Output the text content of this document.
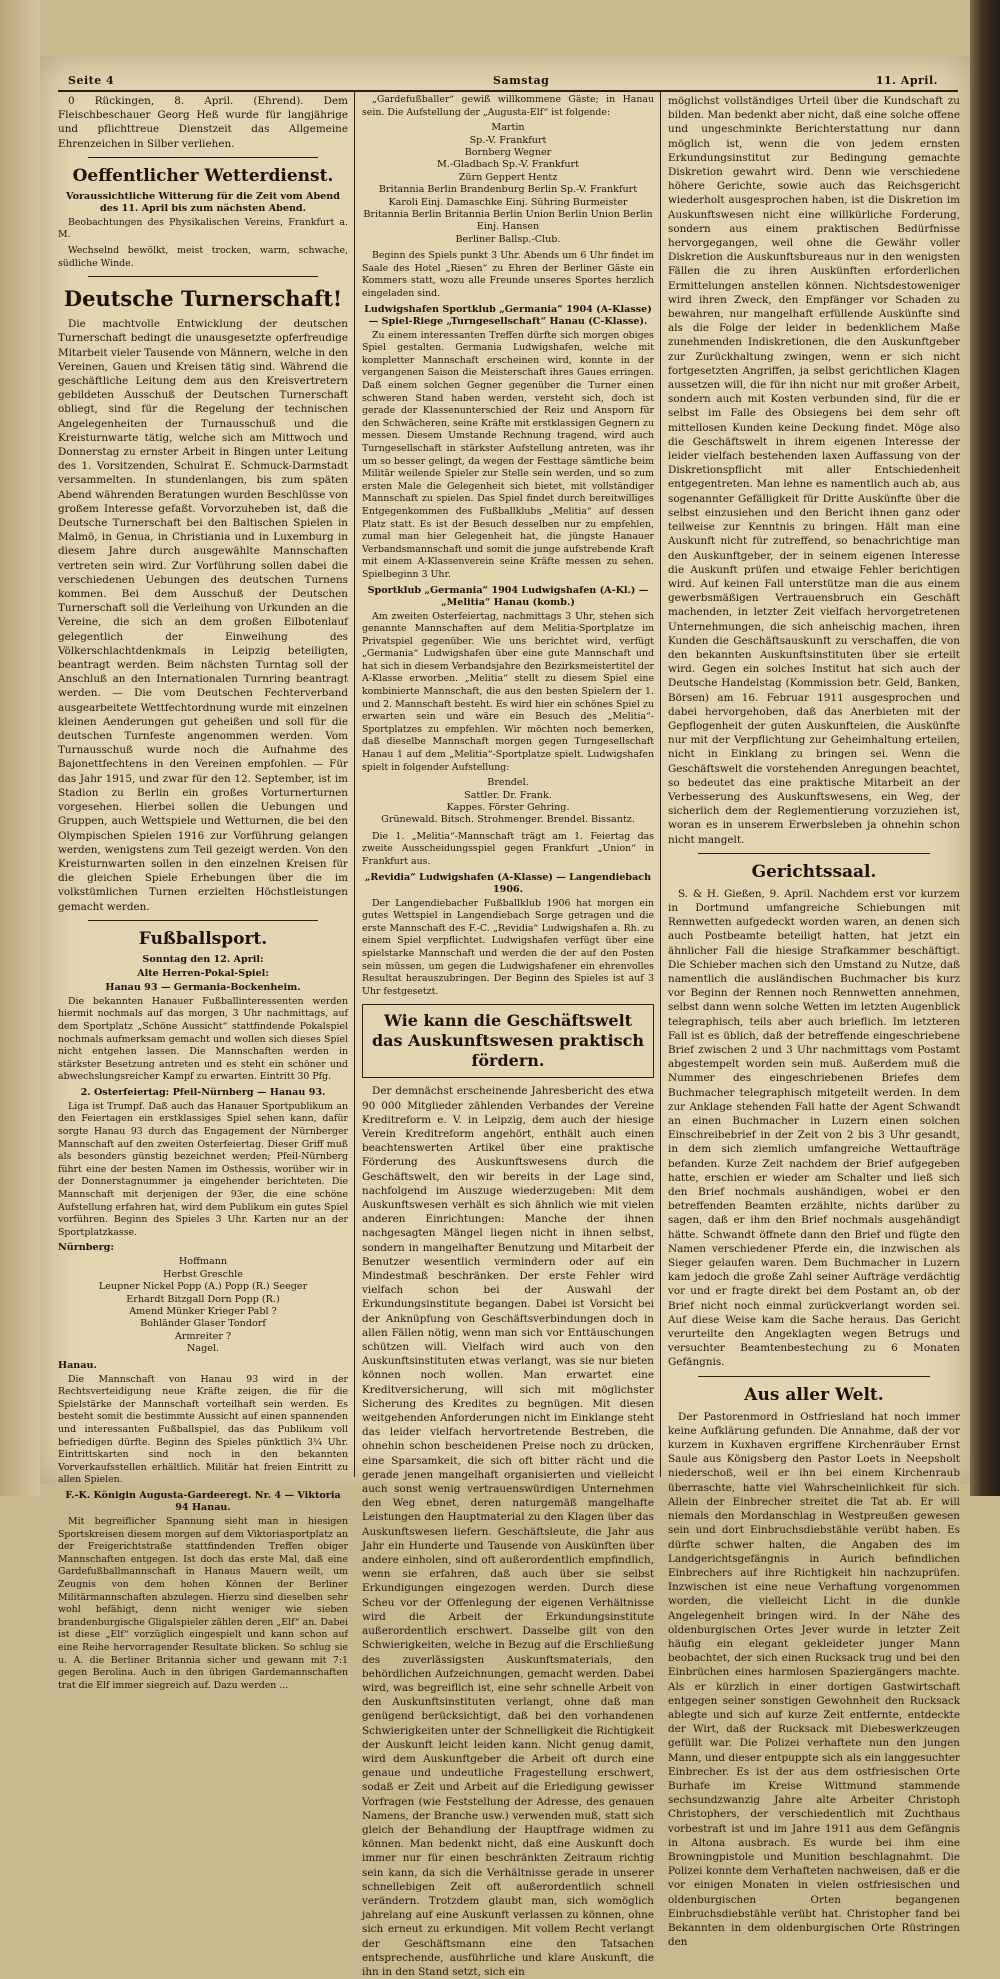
Seite 4	Samstag	11. April.

0 Rückingen, 8. April. (Ehrend). Dem Fleischbeschauer Georg Heß wurde für langjährige und pflichttreue Dienstzeit das Allgemeine Ehrenzeichen in Silber verliehen.

Oeffentlicher Wetterdienst.
Voraussichtliche Witterung für die Zeit vom Abend des 11. April bis zum nächsten Abend.

Beobachtungen des Physikalischen Vereins, Frankfurt a. M.

Wechselnd bewölkt, meist trocken, warm, schwache, südliche Winde.

Deutsche Turnerschaft!

Die machtvolle Entwicklung der deutschen Turnerschaft bedingt die unausgesetzte opferfreudige Mitarbeit vieler Tausende von Männern, welche in den Vereinen, Gauen und Kreisen tätig sind. Während die geschäftliche Leitung dem aus den Kreisvertretern gebildeten Ausschuß der Deutschen Turnerschaft obliegt, sind für die Regelung der technischen Angelegenheiten der Turnausschuß und die Kreisturnwarte tätig, welche sich am Mittwoch und Donnerstag zu ernster Arbeit in Bingen unter Leitung des 1. Vorsitzenden, Schulrat E. Schmuck-Darmstadt versammelten. In stundenlangen, bis zum späten Abend währenden Beratungen wurden Beschlüsse von großem Interesse gefaßt. Vorvorzuheben ist, daß die Deutsche Turnerschaft bei den Baltischen Spielen in Malmö, in Genua, in Christiania und in Luxemburg in diesem Jahre durch ausgewählte Mannschaften vertreten sein wird. Zur Vorführung sollen dabei die verschiedenen Uebungen des deutschen Turnens kommen. Bei dem Ausschuß der Deutschen Turnerschaft soll die Verleihung von Urkunden an die Vereine, die sich an dem großen Eilbotenlauf gelegentlich der Einweihung des Völkerschlachtdenkmals in Leipzig beteiligten, beantragt werden. Beim nächsten Turntag soll der Anschluß an den Internationalen Turnring beantragt werden. — Die vom Deutschen Fechterverband ausgearbeitete Wettfechtordnung wurde mit einzelnen kleinen Aenderungen gut geheißen und soll für die deutschen Turnfeste angenommen werden. Vom Turnausschuß wurde noch die Aufnahme des Bajonettfechtens in den Vereinen empfohlen. — Für das Jahr 1915, und zwar für den 12. September, ist im Stadion zu Berlin ein großes Vorturnerturnen vorgesehen. Hierbei sollen die Uebungen und Gruppen, auch Wettspiele und Wetturnen, die bei den Olympischen Spielen 1916 zur Vorführung gelangen werden, wenigstens zum Teil gezeigt werden. Von den Kreisturnwarten sollen in den einzelnen Kreisen für die gleichen Spiele Erhebungen über die im volkstümlichen Turnen erzielten Höchstleistungen gemacht werden.

Fußballsport.
Sonntag den 12. April:
Alte Herren-Pokal-Spiel:
Hanau 93 — Germania-Bockenheim.

Die bekannten Hanauer Fußballinteressenten werden hiermit nochmals auf das morgen, 3 Uhr nachmittags, auf dem Sportplatz „Schöne Aussicht“ stattfindende Pokalspiel nochmals aufmerksam gemacht und wollen sich dieses Spiel nicht entgehen lassen. Die Mannschaften werden in stärkster Besetzung antreten und es steht ein schöner und abwechslungsreicher Kampf zu erwarten. Eintritt 30 Pfg.

2. Osterfeiertag: Pfeil-Nürnberg — Hanau 93.

Liga ist Trumpf. Daß auch das Hanauer Sportpublikum an den Feiertagen ein erstklassiges Spiel sehen kann, dafür sorgte Hanau 93 durch das Engagement der Nürnberger Mannschaft auf den zweiten Osterfeiertag. Dieser Griff muß als besonders günstig bezeichnet werden; Pfeil-Nürnberg führt eine der besten Namen im Osthessis, worüber wir in der Donnerstagnummer ja eingehender berichteten. Die Mannschaft mit derjenigen der 93er, die eine schöne Aufstellung erfahren hat, wird dem Publikum ein gutes Spiel vorführen. Beginn des Spieles 3 Uhr. Karten nur an der Sportplatzkasse.

Nürnberg:
Hoffmann
Herbst Greschle
Leupner Nickel Popp (A.) Popp (R.) Seeger
Erhardt Bitzgall Dorn Popp (R.)
Amend Münker Krieger Pabl ?
Bohländer Glaser Tondorf
Armreiter ?
Nagel.
Hanau.

Die Mannschaft von Hanau 93 wird in der Rechtsverteidigung neue Kräfte zeigen, die für die Spielstärke der Mannschaft vorteilhaft sein werden. Es besteht somit die bestimmte Aussicht auf einen spannenden und interessanten Fußballspiel, das das Publikum voll befriedigen dürfte. Beginn des Spieles pünktlich 3¼ Uhr. Eintrittskarten sind noch in den bekannten Vorverkaufsstellen erhältlich. Militär hat freien Eintritt zu allen Spielen.

F.-K. Königin Augusta-Gardeeregt. Nr. 4 — Viktoria 94 Hanau.

Mit begreiflicher Spannung sieht man in hiesigen Sportskreisen diesem morgen auf dem Viktoriasportplatz an der Freigerichtstraße stattfindenden Treffen obiger Mannschaften entgegen. Ist doch das erste Mal, daß eine Gardefußballmannschaft in Hanaus Mauern weilt, um Zeugnis von dem hohen Können der Berliner Militärmannschaften abzulegen. Hierzu sind dieselben sehr wohl befähigt, denn nicht weniger wie sieben brandenburgische Gligalspieler zählen deren „Elf“ an. Dabei ist diese „Elf“ vorzüglich eingespielt und kann schon auf eine Reihe hervorragender Resultate blicken. So schlug sie u. A. die Berliner Britannia sicher und gewann mit 7:1 gegen Berolina. Auch in den übrigen Gardemannschaften trat die Elf immer siegreich auf. Dazu werden ...

„Gardefußballer“ gewiß willkommene Gäste; in Hanau sein. Die Aufstellung der „Augusta-Elf“ ist folgende:

Martin
Sp.-V. Frankfurt
Bornberg Wegner
M.-Gladbach Sp.-V. Frankfurt
Zürn Geppert Hentz
Britannia Berlin Brandenburg Berlin Sp.-V. Frankfurt
Karoli Einj. Damaschke Einj. Sühring Burmeister
Britannia Berlin Britannia Berlin Union Berlin Union Berlin
Einj. Hansen
Berliner Ballsp.-Club.

Beginn des Spiels punkt 3 Uhr. Abends um 6 Uhr findet im Saale des Hotel „Riesen“ zu Ehren der Berliner Gäste ein Kommers statt, wozu alle Freunde unseres Sportes herzlich eingeladen sind.

Ludwigshafen Sportklub „Germania“ 1904 (A-Klasse) — Spiel-Riege „Turngesellschaft“ Hanau (C-Klasse).

Zu einem interessanten Treffen dürfte sich morgen obiges Spiel gestalten. Germania Ludwigshafen, welche mit kompletter Mannschaft erscheinen wird, konnte in der vergangenen Saison die Meisterschaft ihres Gaues erringen. Daß einem solchen Gegner gegenüber die Turner einen schweren Stand haben werden, versteht sich, doch ist gerade der Klassenunterschied der Reiz und Ansporn für den Schwächeren, seine Kräfte mit erstklassigen Gegnern zu messen. Diesem Umstande Rechnung tragend, wird auch Turngesellschaft in stärkster Aufstellung antreten, was ihr um so besser gelingt, da wegen der Festtage sämtliche beim Militär weilende Spieler zur Stelle sein werden, und so zum ersten Male die Gelegenheit sich bietet, mit vollständiger Mannschaft zu spielen. Das Spiel findet durch bereitwilliges Entgegenkommen des Fußballklubs „Melitia“ auf dessen Platz statt. Es ist der Besuch desselben nur zu empfehlen, zumal man hier Gelegenheit hat, die jüngste Hanauer Verbandsmannschaft und somit die junge aufstrebende Kraft mit einem A-Klassenverein seine Kräfte messen zu sehen. Spielbeginn 3 Uhr.

Sportklub „Germania“ 1904 Ludwigshafen (A-Kl.) — „Melitia“ Hanau (komb.)

Am zweiten Osterfeiertag, nachmittags 3 Uhr, stehen sich genannte Mannschaften auf dem Melitia-Sportplatze im Privatspiel gegenüber. Wie uns berichtet wird, verfügt „Germania“ Ludwigshafen über eine gute Mannschaft und hat sich in diesem Verbandsjahre den Bezirksmeistertitel der A-Klasse erworben. „Melitia“ stellt zu diesem Spiel eine kombinierte Mannschaft, die aus den besten Spielern der 1. und 2. Mannschaft besteht. Es wird hier ein schönes Spiel zu erwarten sein und wäre ein Besuch des „Melitia“-Sportplatzes zu empfehlen. Wir möchten noch bemerken, daß dieselbe Mannschaft morgen gegen Turngesellschaft Hanau 1 auf dem „Melitia“-Sportplatze spielt. Ludwigshafen spielt in folgender Aufstellung:

Brendel.
Sattler. Dr. Frank.
Kappes. Förster Gehring.
Grünewald. Bitsch. Strohmenger. Brendel. Bissantz.

Die 1. „Melitia“-Mannschaft trägt am 1. Feiertag das zweite Ausscheidungsspiel gegen Frankfurt „Union“ in Frankfurt aus.

„Revidia“ Ludwigshafen (A-Klasse) — Langendiebach 1906.

Der Langendiebacher Fußballklub 1906 hat morgen ein gutes Wettspiel in Langendiebach Sorge getragen und die erste Mannschaft des F.-C. „Revidia“ Ludwigshafen a. Rh. zu einem Spiel verpflichtet. Ludwigshafen verfügt über eine spielstarke Mannschaft und werden die der auf den Posten sein müssen, um gegen die Ludwigshafener ein ehrenvolles Resultat herauszubringen. Der Beginn des Spieles ist auf 3 Uhr festgesetzt.

Wie kann die Geschäftswelt das Auskunftswesen praktisch fördern.

Der demnächst erscheinende Jahresbericht des etwa 90 000 Mitglieder zählenden Verbandes der Vereine Kreditreform e. V. in Leipzig, dem auch der hiesige Verein Kreditreform angehört, enthält auch einen beachtenswerten Artikel über eine praktische Förderung des Auskunftswesens durch die Geschäftswelt, den wir bereits in der Lage sind, nachfolgend im Auszuge wiederzugeben: Mit dem Auskunftswesen verhält es sich ähnlich wie mit vielen anderen Einrichtungen: Manche der ihnen nachgesagten Mängel liegen nicht in ihnen selbst, sondern in mangelhafter Benutzung und Mitarbeit der Benutzer wesentlich vermindern oder auf ein Mindestmaß beschränken. Der erste Fehler wird vielfach schon bei der Auswahl der Erkundungsinstitute begangen. Dabei ist Vorsicht bei der Anknüpfung von Geschäftsverbindungen doch in allen Fällen nötig, wenn man sich vor Enttäuschungen schützen will. Vielfach wird auch von den Auskunftsinstituten etwas verlangt, was sie nur bieten können noch wollen. Man erwartet eine Kreditversicherung, will sich mit möglichster Sicherung des Kredites zu begnügen. Mit diesen weitgehenden Anforderungen nicht im Einklange steht das leider vielfach hervortretende Bestreben, die ohnehin schon bescheidenen Preise noch zu drücken, eine Sparsamkeit, die sich oft bitter rächt und die gerade jenen mangelhaft organisierten und vielleicht auch sonst wenig vertrauenswürdigen Unternehmen den Weg ebnet, deren naturgemäß mangelhafte Leistungen den Hauptmaterial zu den Klagen über das Auskunftswesen liefern. Geschäftsleute, die Jahr aus Jahr ein Hunderte und Tausende von Auskünften über andere einholen, sind oft außerordentlich empfindlich, wenn sie erfahren, daß auch über sie selbst Erkundigungen eingezogen werden. Durch diese Scheu vor der Offenlegung der eigenen Verhältnisse wird die Arbeit der Erkundungsinstitute außerordentlich erschwert. Dasselbe gilt von den Schwierigkeiten, welche in Bezug auf die Erschließung des zuverlässigsten Auskunftsmaterials, den behördlichen Aufzeichnungen, gemacht werden. Dabei wird, was begreiflich ist, eine sehr schnelle Arbeit von den Auskunftsinstituten verlangt, ohne daß man genügend berücksichtigt, daß bei den vorhandenen Schwierigkeiten unter der Schnelligkeit die Richtigkeit der Auskunft leicht leiden kann. Nicht genug damit, wird dem Auskunftgeber die Arbeit oft durch eine genaue und undeutliche Fragestellung erschwert, sodaß er Zeit und Arbeit auf die Erledigung gewisser Vorfragen (wie Feststellung der Adresse, des genauen Namens, der Branche usw.) verwenden muß, statt sich gleich der Behandlung der Hauptfrage widmen zu können. Man bedenkt nicht, daß eine Auskunft doch immer nur für einen beschränkten Zeitraum richtig sein kann, da sich die Verhältnisse gerade in unserer schnellebigen Zeit oft außerordentlich schnell verändern. Trotzdem glaubt man, sich womöglich jahrelang auf eine Auskunft verlassen zu können, ohne sich erneut zu erkundigen. Mit vollem Recht verlangt der Geschäftsmann eine den Tatsachen entsprechende, ausführliche und klare Auskunft, die ihn in den Stand setzt, sich ein

möglichst vollständiges Urteil über die Kundschaft zu bilden. Man bedenkt aber nicht, daß eine solche offene und ungeschminkte Berichterstattung nur dann möglich ist, wenn die von jedem ernsten Erkundungsinstitut zur Bedingung gemachte Diskretion gewahrt wird. Denn wie verschiedene höhere Gerichte, sowie auch das Reichsgericht wiederholt ausgesprochen haben, ist die Diskretion im Auskunftswesen nicht eine willkürliche Forderung, sondern aus einem praktischen Bedürfnisse hervorgegangen, weil ohne die Gewähr voller Diskretion die Auskunftsbureaus nur in den wenigsten Fällen die zu ihren Auskünften erforderlichen Ermittelungen anstellen können. Nichtsdestoweniger wird ihren Zweck, den Empfänger vor Schaden zu bewahren, nur mangelhaft erfüllende Auskünfte sind als die Folge der leider in bedenklichem Maße zunehmenden Indiskretionen, die den Auskunftgeber zur Zurückhaltung zwingen, wenn er sich nicht fortgesetzten Angriffen, ja selbst gerichtlichen Klagen aussetzen will, die für ihn nicht nur mit großer Arbeit, sondern auch mit Kosten verbunden sind, für die er selbst im Falle des Obsiegens bei dem sehr oft mittellosen Kunden keine Deckung findet. Möge also die Geschäftswelt in ihrem eigenen Interesse der leider vielfach bestehenden laxen Auffassung von der Diskretionspflicht mit aller Entschiedenheit entgegentreten. Man lehne es namentlich auch ab, aus sogenannter Gefälligkeit für Dritte Auskünfte über die selbst einzusiehen und den Bericht ihnen ganz oder teilweise zur Kenntnis zu bringen. Hält man eine Auskunft nicht für zutreffend, so benachrichtige man den Auskunftgeber, der in seinem eigenen Interesse die Auskunft prüfen und etwaige Fehler berichtigen wird. Auf keinen Fall unterstütze man die aus einem gewerbsmäßigen Vertrauensbruch ein Geschäft machenden, in letzter Zeit vielfach hervorgetretenen Unternehmungen, die sich anheischig machen, ihren Kunden die Geschäftsauskunft zu verschaffen, die von den bekannten Auskunftsinstituten über sie erteilt wird. Gegen ein solches Institut hat sich auch der Deutsche Handelstag (Kommission betr. Geld, Banken, Börsen) am 16. Februar 1911 ausgesprochen und dabei hervorgehoben, daß das Anerbieten mit der Gepflogenheit der guten Auskunfteien, die Auskünfte nur mit der Verpflichtung zur Geheimhaltung erteilen, nicht in Einklang zu bringen sei. Wenn die Geschäftswelt die vorstehenden Anregungen beachtet, so bedeutet das eine praktische Mitarbeit an der Verbesserung des Auskunftswesens, ein Weg, der sicherlich dem der Reglementierung vorzuziehen ist, woran es in unserem Erwerbsleben ja ohnehin schon nicht mangelt.

Gerichtssaal.

S. & H. Gießen, 9. April. Nachdem erst vor kurzem in Dortmund umfangreiche Schiebungen mit Rennwetten aufgedeckt worden waren, an denen sich auch Postbeamte beteiligt hatten, hat jetzt ein ähnlicher Fall die hiesige Strafkammer beschäftigt. Die Schieber machen sich den Umstand zu Nutze, daß namentlich die ausländischen Buchmacher bis kurz vor Beginn der Rennen noch Rennwetten annehmen, selbst dann wenn solche Wetten im letzten Augenblick telegraphisch, teils aber auch brieflich. Im letzteren Fall ist es üblich, daß der betreffende eingeschriebene Brief zwischen 2 und 3 Uhr nachmittags vom Postamt abgestempelt worden sein muß. Außerdem muß die Nummer des eingeschriebenen Briefes dem Buchmacher telegraphisch mitgeteilt werden. In dem zur Anklage stehenden Fall hatte der Agent Schwandt an einen Buchmacher in Luzern einen solchen Einschreibebrief in der Zeit von 2 bis 3 Uhr gesandt, in dem sich ziemlich umfangreiche Wettaufträge befanden. Kurze Zeit nachdem der Brief aufgegeben hatte, erschien er wieder am Schalter und ließ sich den Brief nochmals aushändigen, wobei er den betreffenden Beamten erzählte, nichts darüber zu sagen, daß er ihm den Brief nochmals ausgehändigt hätte. Schwandt öffnete dann den Brief und fügte den Namen verschiedener Pferde ein, die inzwischen als Sieger gelaufen waren. Dem Buchmacher in Luzern kam jedoch die große Zahl seiner Aufträge verdächtig vor und er fragte direkt bei dem Postamt an, ob der Brief nicht noch einmal zurückverlangt worden sei. Auf diese Weise kam die Sache heraus. Das Gericht verurteilte den Angeklagten wegen Betrugs und versuchter Beamtenbestechung zu 6 Monaten Gefängnis.

Aus aller Welt.

Der Pastorenmord in Ostfriesland hat noch immer keine Aufklärung gefunden. Die Annahme, daß der vor kurzem in Kuxhaven ergriffene Kirchenräuber Ernst Saule aus Königsberg den Pastor Loets in Neepsholt niederschoß, weil er ihn bei einem Kirchenraub überraschte, hatte viel Wahrscheinlichkeit für sich. Allein der Einbrecher streitet die Tat ab. Er will niemals den Mordanschlag in Westpreußen gewesen sein und dort Einbruchsdiebstähle verübt haben. Es dürfte schwer halten, die Angaben des im Landgerichtsgefängnis in Aurich befindlichen Einbrechers auf ihre Richtigkeit hin nachzuprüfen. Inzwischen ist eine neue Verhaftung vorgenommen worden, die vielleicht Licht in die dunkle Angelegenheit bringen wird. In der Nähe des oldenburgischen Ortes Jever wurde in letzter Zeit häufig ein elegant gekleideter junger Mann beobachtet, der sich einen Rucksack trug und bei den Einbrüchen eines harmlosen Spaziergängers machte. Als er kürzlich in einer dortigen Gastwirtschaft entgegen seiner sonstigen Gewohnheit den Rucksack ablegte und sich auf kurze Zeit entfernte, entdeckte der Wirt, daß der Rucksack mit Diebeswerkzeugen gefüllt war. Die Polizei verhaftete nun den jungen Mann, und dieser entpuppte sich als ein langgesuchter Einbrecher. Es ist der aus dem ostfriesischen Orte Burhafe im Kreise Wittmund stammende sechsundzwanzig Jahre alte Arbeiter Christoph Christophers, der verschiedentlich mit Zuchthaus vorbestraft ist und im Jahre 1911 aus dem Gefängnis in Altona ausbrach. Es wurde bei ihm eine Browningpistole und Munition beschlagnahmt. Die Polizei konnte dem Verhafteten nachweisen, daß er die vor einigen Monaten in vielen ostfriesischen und oldenburgischen Orten begangenen Einbruchsdiebstähle verübt hat. Christopher fand bei Bekannten in dem oldenburgischen Orte Rüstringen den
